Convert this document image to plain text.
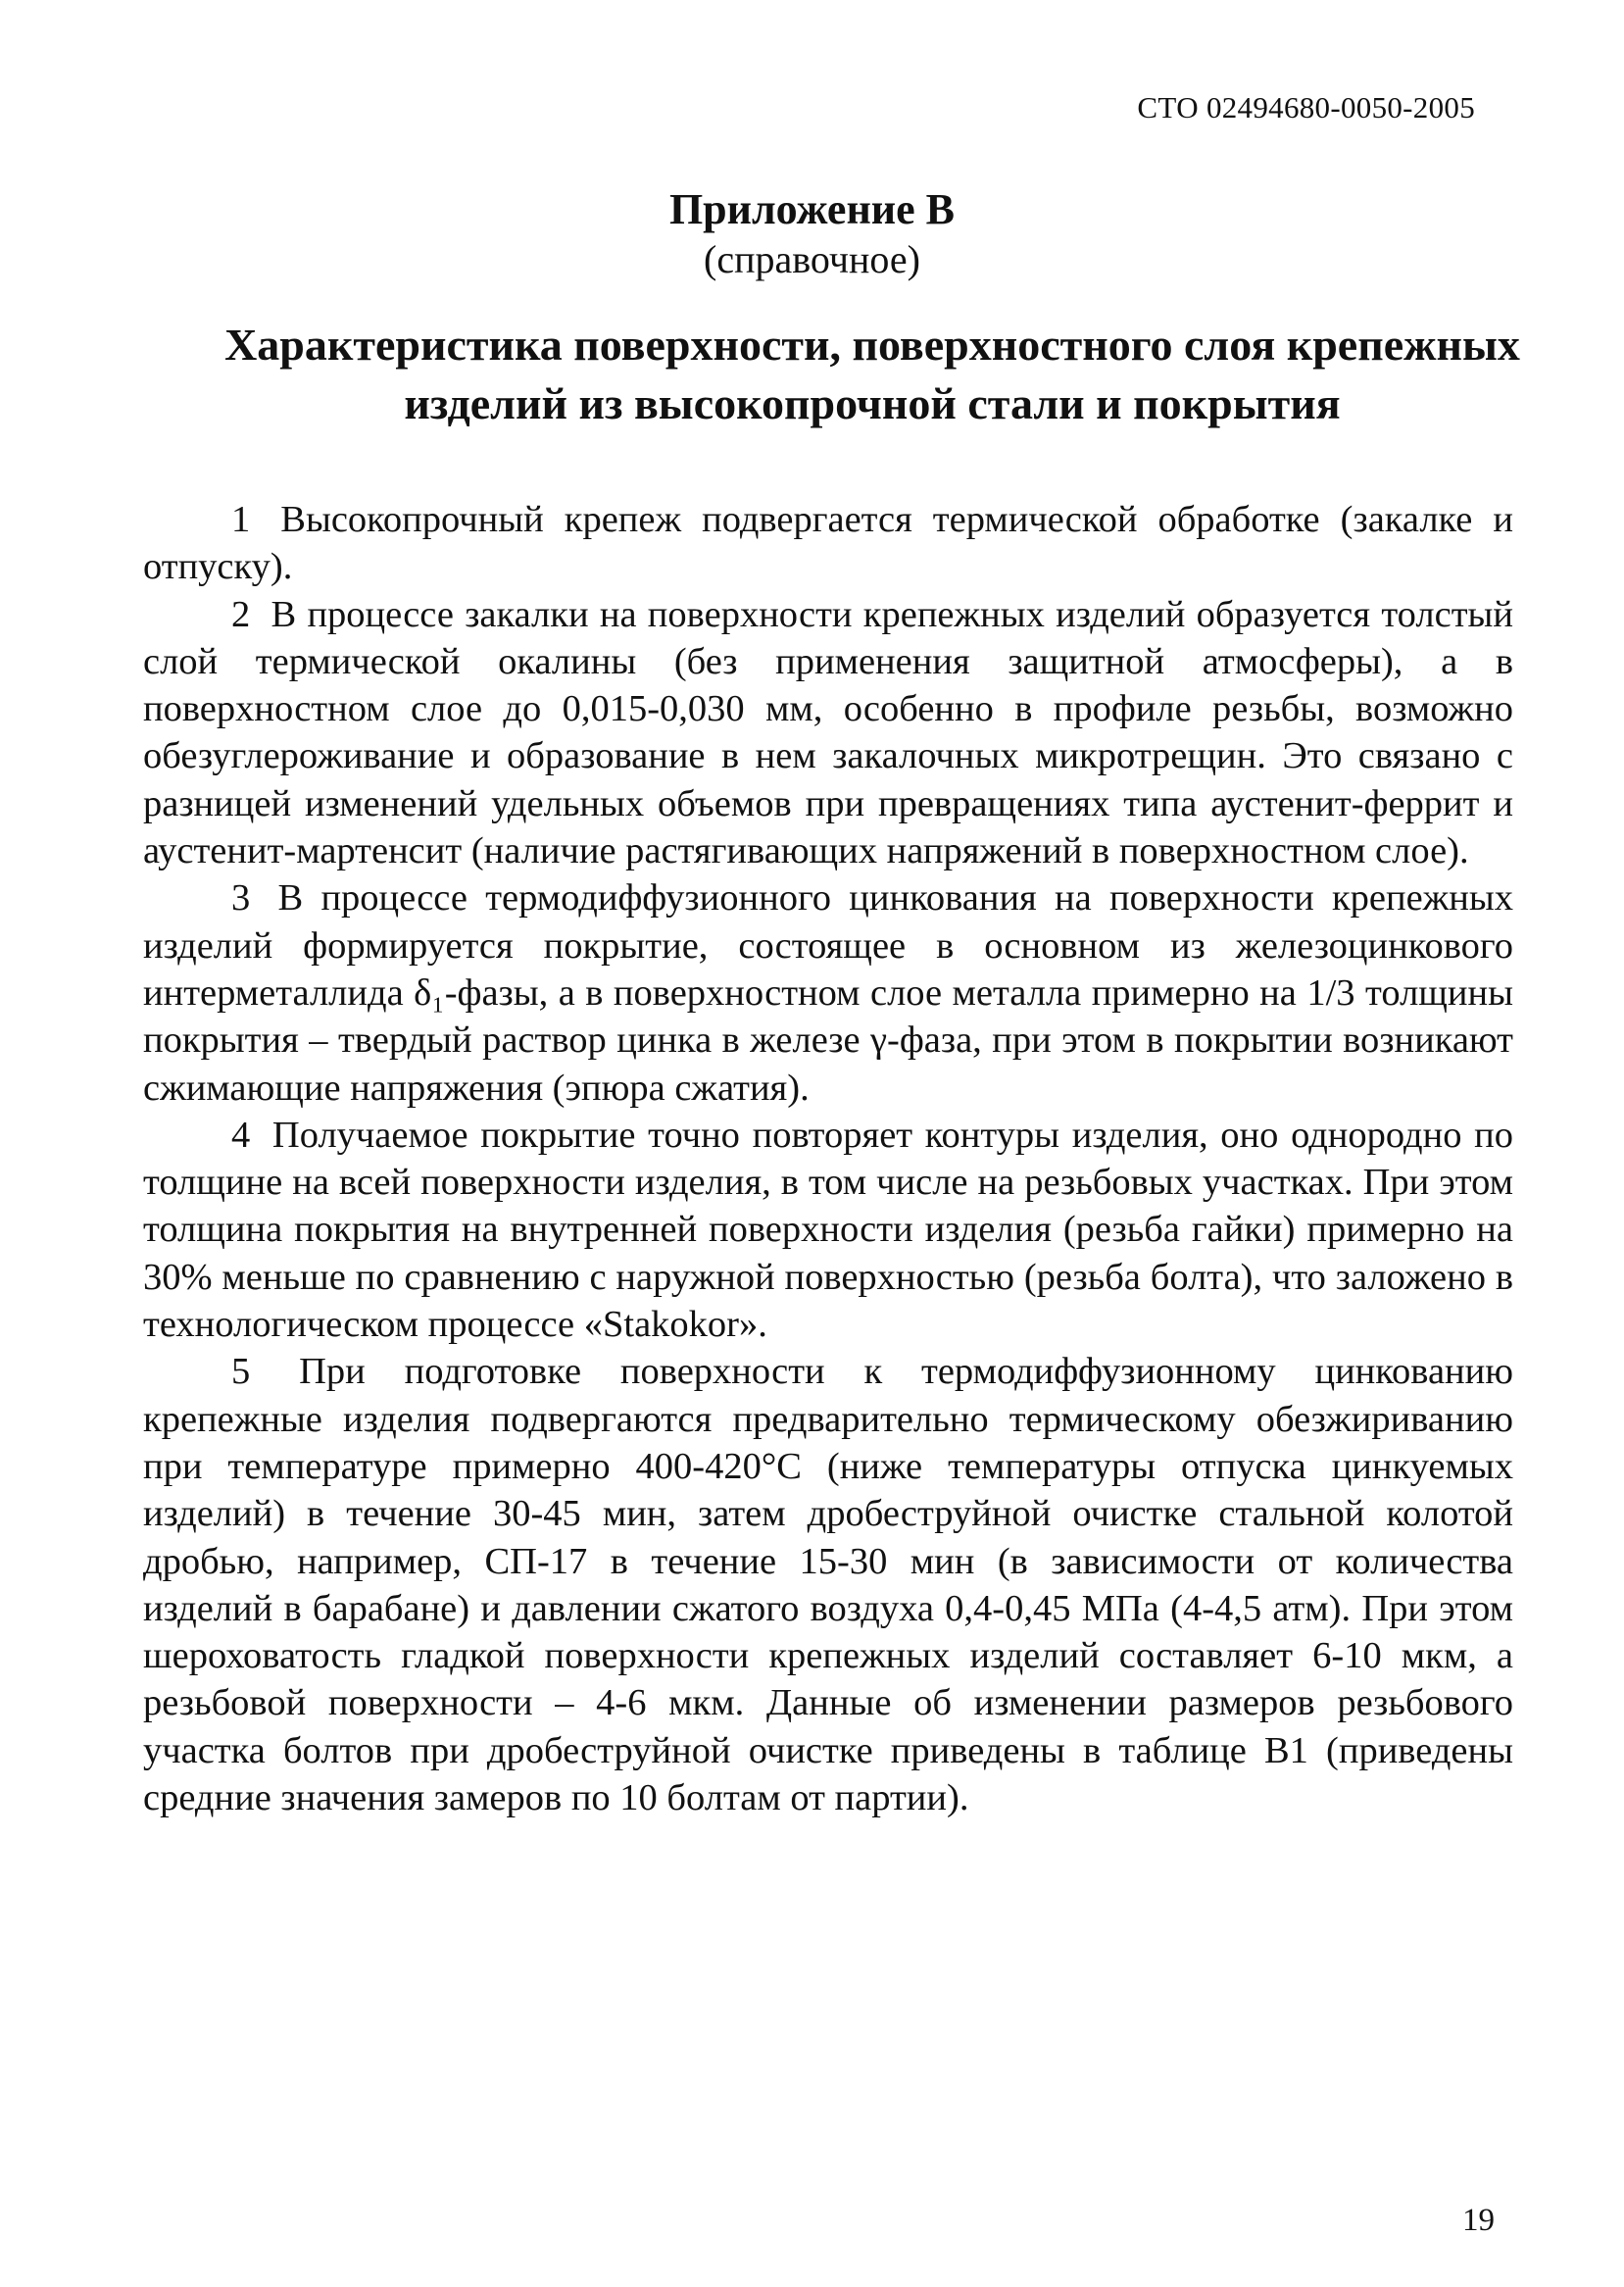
СТО 02494680-0050-2005
Приложение В
(справочное)
Характеристика поверхности, поверхностного слоя крепежных изделий из высокопрочной стали и покрытия

1 Высокопрочный крепеж подвергается термической обработке (закалке и отпуску).

2 В процессе закалки на поверхности крепежных изделий образуется толстый слой термической окалины (без применения защитной атмосферы), а в поверхностном слое до 0,015-0,030 мм, особенно в профиле резьбы, возможно обезуглероживание и образование в нем закалочных микротрещин. Это связано с разницей изменений удельных объемов при превращениях типа аустенит-феррит и аустенит-мартенсит (наличие растягивающих напряжений в поверхностном слое).

3 В процессе термодиффузионного цинкования на поверхности крепежных изделий формируется покрытие, состоящее в основном из железоцинкового интерметаллида δ₁-фазы, а в поверхностном слое металла примерно на 1/3 толщины покрытия – твердый раствор цинка в железе γ-фаза, при этом в покрытии возникают сжимающие напряжения (эпюра сжатия).

4 Получаемое покрытие точно повторяет контуры изделия, оно однородно по толщине на всей поверхности изделия, в том числе на резьбовых участках. При этом толщина покрытия на внутренней поверхности изделия (резьба гайки) примерно на 30% меньше по сравнению с наружной поверхностью (резьба болта), что заложено в технологическом процессе «Stakokor».

5 При подготовке поверхности к термодиффузионному цинкованию крепежные изделия подвергаются предварительно термическому обезжириванию при температуре примерно 400-420°С (ниже температуры отпуска цинкуемых изделий) в течение 30-45 мин, затем дробеструйной очистке стальной колотой дробью, например, СП-17 в течение 15-30 мин (в зависимости от количества изделий в барабане) и давлении сжатого воздуха 0,4-0,45 МПа (4-4,5 атм). При этом шероховатость гладкой поверхности крепежных изделий составляет 6-10 мкм, а резьбовой поверхности – 4-6 мкм. Данные об изменении размеров резьбового участка болтов при дробеструйной очистке приведены в таблице В1 (приведены средние значения замеров по 10 болтам от партии).

19
